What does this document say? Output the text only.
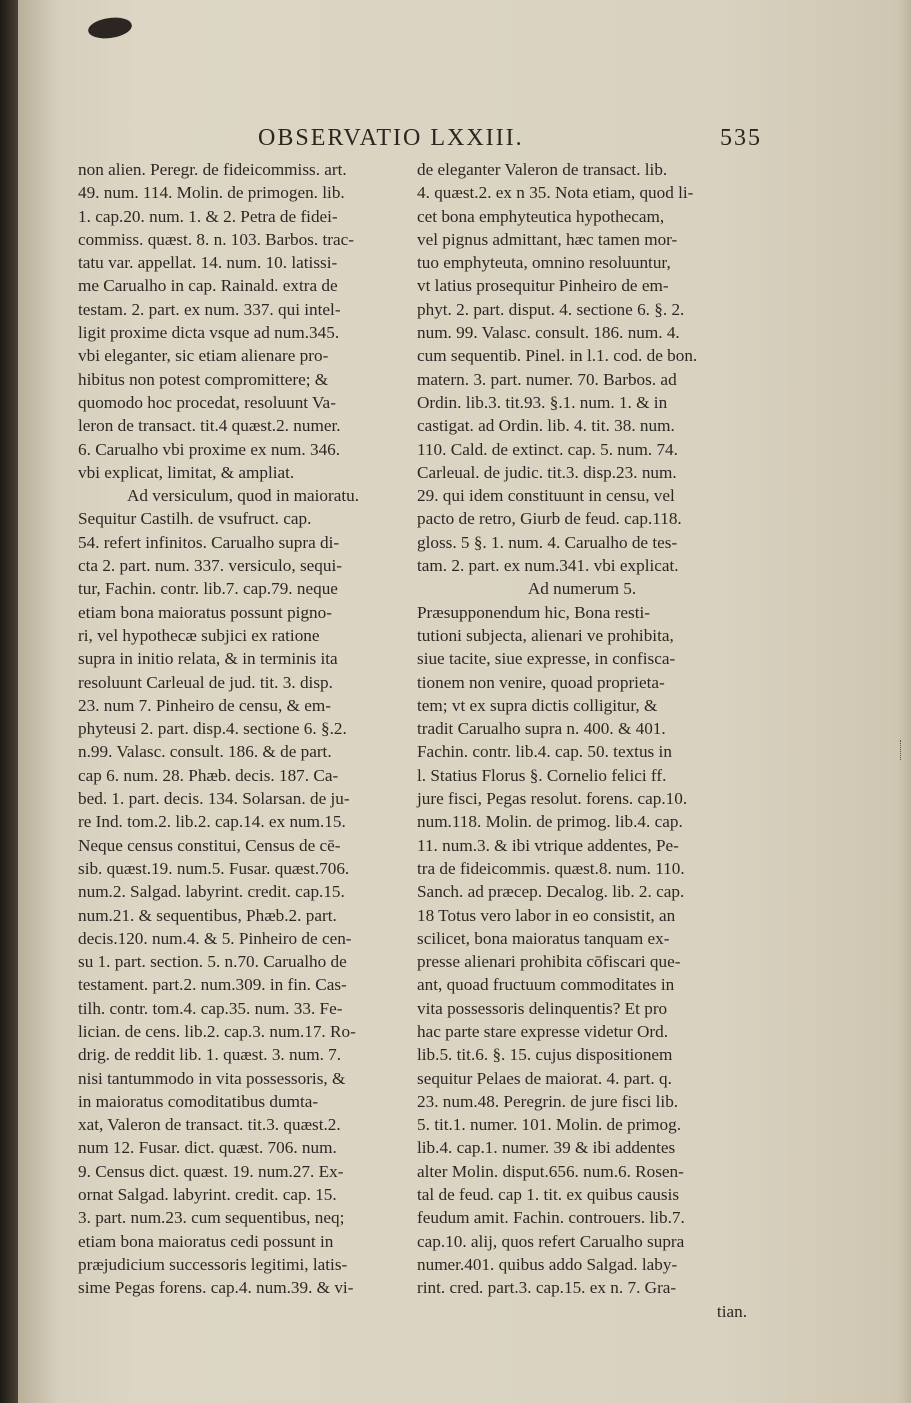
OBSERVATIO LXXIII.	535
non alien. Peregr. de fideicommiss. art.
49. num. 114. Molin. de primogen. lib.
1. cap.20. num. 1. & 2. Petra de fidei-
commiss. quæst. 8. n. 103. Barbos. trac-
tatu var. appellat. 14. num. 10. latissi-
me Carualho in cap. Rainald. extra de
testam. 2. part. ex num. 337. qui intel-
ligit proxime dicta vsque ad num.345.
vbi eleganter, sic etiam alienare pro-
hibitus non potest compromittere; &
quomodo hoc procedat, resoluunt Va-
leron de transact. tit.4 quæst.2. numer.
6. Carualho vbi proxime ex num. 346.
vbi explicat, limitat, & ampliat.
Ad versiculum, quod in maioratu.
Sequitur Castilh. de vsufruct. cap.
54. refert infinitos. Carualho supra di-
cta 2. part. num. 337. versiculo, sequi-
tur, Fachin. contr. lib.7. cap.79. neque
etiam bona maioratus possunt pigno-
ri, vel hypothecæ subjici ex ratione
supra in initio relata, & in terminis ita
resoluunt Carleual de jud. tit. 3. disp.
23. num 7. Pinheiro de censu, & em-
phyteusi 2. part. disp.4. sectione 6. §.2.
n.99. Valasc. consult. 186. & de part.
cap 6. num. 28. Phæb. decis. 187. Ca-
bed. 1. part. decis. 134. Solarsan. de ju-
re Ind. tom.2. lib.2. cap.14. ex num.15.
Neque census constitui, Census de cē-
sib. quæst.19. num.5. Fusar. quæst.706.
num.2. Salgad. labyrint. credit. cap.15.
num.21. & sequentibus, Phæb.2. part.
decis.120. num.4. & 5. Pinheiro de cen-
su 1. part. section. 5. n.70. Carualho de
testament. part.2. num.309. in fin. Cas-
tilh. contr. tom.4. cap.35. num. 33. Fe-
lician. de cens. lib.2. cap.3. num.17. Ro-
drig. de reddit lib. 1. quæst. 3. num. 7.
nisi tantummodo in vita possessoris, &
in maioratus comoditatibus dumta-
xat, Valeron de transact. tit.3. quæst.2.
num 12. Fusar. dict. quæst. 706. num.
9. Census dict. quæst. 19. num.27. Ex-
ornat Salgad. labyrint. credit. cap. 15.
3. part. num.23. cum sequentibus, neq;
etiam bona maioratus cedi possunt in
præjudicium successoris legitimi, latis-
sime Pegas forens. cap.4. num.39. & vi-
de eleganter Valeron de transact. lib.
4. quæst.2. ex n 35. Nota etiam, quod li-
cet bona emphyteutica hypothecam,
vel pignus admittant, hæc tamen mor-
tuo emphyteuta, omnino resoluuntur,
vt latius prosequitur Pinheiro de em-
phyt. 2. part. disput. 4. sectione 6. §. 2.
num. 99. Valasc. consult. 186. num. 4.
cum sequentib. Pinel. in l.1. cod. de bon.
matern. 3. part. numer. 70. Barbos. ad
Ordin. lib.3. tit.93. §.1. num. 1. & in
castigat. ad Ordin. lib. 4. tit. 38. num.
110. Cald. de extinct. cap. 5. num. 74.
Carleual. de judic. tit.3. disp.23. num.
29. qui idem constituunt in censu, vel
pacto de retro, Giurb de feud. cap.118.
gloss. 5 §. 1. num. 4. Carualho de tes-
tam. 2. part. ex num.341. vbi explicat.
Ad numerum 5.
Præsupponendum hic, Bona resti-
tutioni subjecta, alienari ve prohibita,
siue tacite, siue expresse, in confisca-
tionem non venire, quoad proprieta-
tem; vt ex supra dictis colligitur, &
tradit Carualho supra n. 400. & 401.
Fachin. contr. lib.4. cap. 50. textus in
l. Statius Florus §. Cornelio felici ff.
jure fisci, Pegas resolut. forens. cap.10.
num.118. Molin. de primog. lib.4. cap.
11. num.3. & ibi vtrique addentes, Pe-
tra de fideicommis. quæst.8. num. 110.
Sanch. ad præcep. Decalog. lib. 2. cap.
18 Totus vero labor in eo consistit, an
scilicet, bona maioratus tanquam ex-
presse alienari prohibita cōfiscari que-
ant, quoad fructuum commoditates in
vita possessoris delinquentis? Et pro
hac parte stare expresse videtur Ord.
lib.5. tit.6. §. 15. cujus dispositionem
sequitur Pelaes de maiorat. 4. part. q.
23. num.48. Peregrin. de jure fisci lib.
5. tit.1. numer. 101. Molin. de primog.
lib.4. cap.1. numer. 39 & ibi addentes
alter Molin. disput.656. num.6. Rosen-
tal de feud. cap 1. tit. ex quibus causis
feudum amit. Fachin. controuers. lib.7.
cap.10. alij, quos refert Carualho supra
numer.401. quibus addo Salgad. laby-
rint. cred. part.3. cap.15. ex n. 7. Gra-
tian.
